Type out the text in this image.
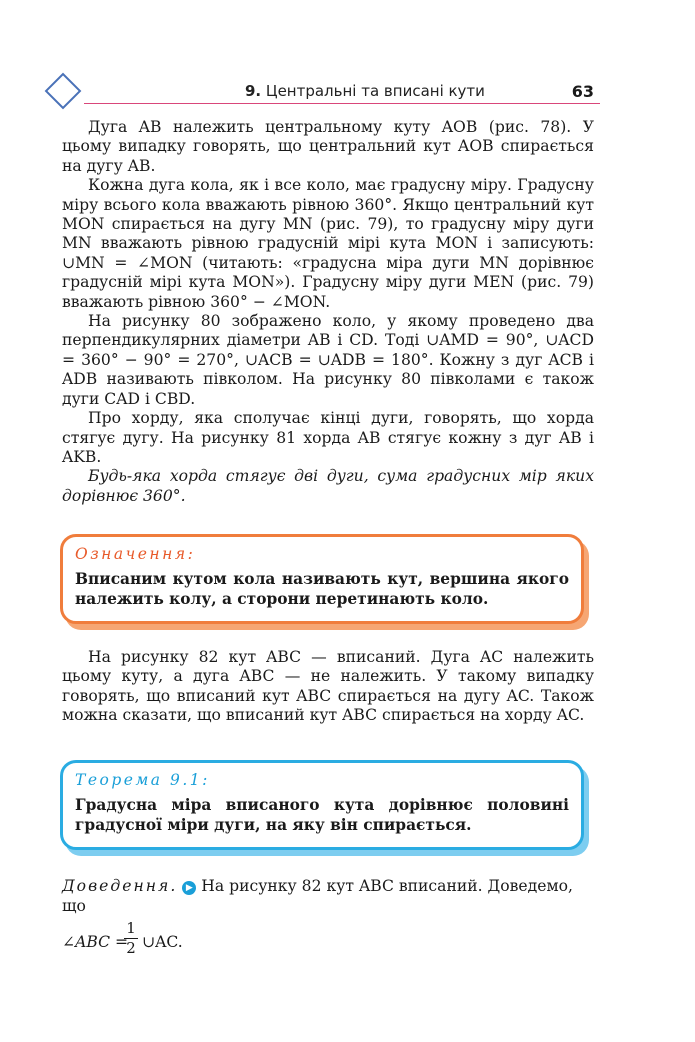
9. Центральні та вписані кути	63

Дуга AB належить центральному куту AOB (рис. 78). У цьому випадку говорять, що центральний кут AOB спирається на дугу AB.

Кожна дуга кола, як і все коло, має градусну міру. Градусну міру всього кола вважають рівною 360°. Якщо центральний кут MON спирається на дугу MN (рис. 79), то градусну міру дуги MN вважають рівною градусній мірі кута MON і записують: ∪MN = ∠MON (читають: «градусна міра дуги MN дорівнює градусній мірі кута MON»). Градусну міру дуги MEN (рис. 79) вважають рівною 360° − ∠MON.

На рисунку 80 зображено коло, у якому проведено два перпендикулярних діаметри AB і CD. Тоді ∪AMD = 90°, ∪ACD = 360° − 90° = 270°, ∪ACB = ∪ADB = 180°. Кожну з дуг ACB і ADB називають півколом. На рисунку 80 півколами є також дуги CAD і CBD.

Про хорду, яка сполучає кінці дуги, говорять, що хорда стягує дугу. На рисунку 81 хорда AB стягує кожну з дуг AB і AKB.

Будь-яка хорда стягує дві дуги, сума градусних мір яких дорівнює 360°.

Означення:
Вписаним кутом кола називають кут, вершина якого належить колу, а сторони перетинають коло.

На рисунку 82 кут ABC — вписаний. Дуга AC належить цьому куту, а дуга ABC — не належить. У такому випадку говорять, що вписаний кут ABC спирається на дугу AC. Також можна сказати, що вписаний кут ABC спирається на хорду AC.

Теорема 9.1:
Градусна міра вписаного кута дорівнює половині градусної міри дуги, на яку він спирається.
Доведення. ▶ На рисунку 82 кут ABC вписаний. Доведемо, що
∠ABC =
1
2 ∪AC.
